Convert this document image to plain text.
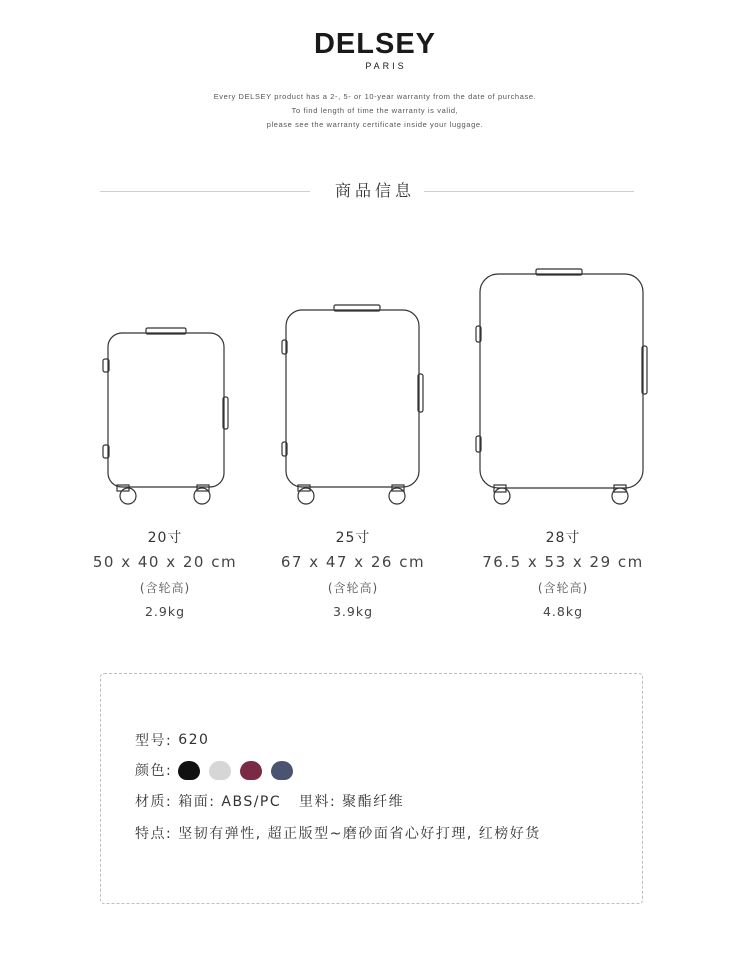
DELSEY
PARIS
Every DELSEY product has a 2-, 5- or 10-year warranty from the date of purchase.
To find length of time the warranty is valid,
please see the warranty certificate inside your luggage.
商品信息
20寸
50 x 40 x 20 cm
(含轮高)
2.9kg
25寸
67 x 47 x 26 cm
(含轮高)
3.9kg
28寸
76.5 x 53 x 29 cm
(含轮高)
4.8kg
型号: 620
颜色:
材质: 箱面: ABS/PC   里料: 聚酯纤维
特点: 坚韧有弹性, 超正版型~磨砂面省心好打理, 红榜好货
